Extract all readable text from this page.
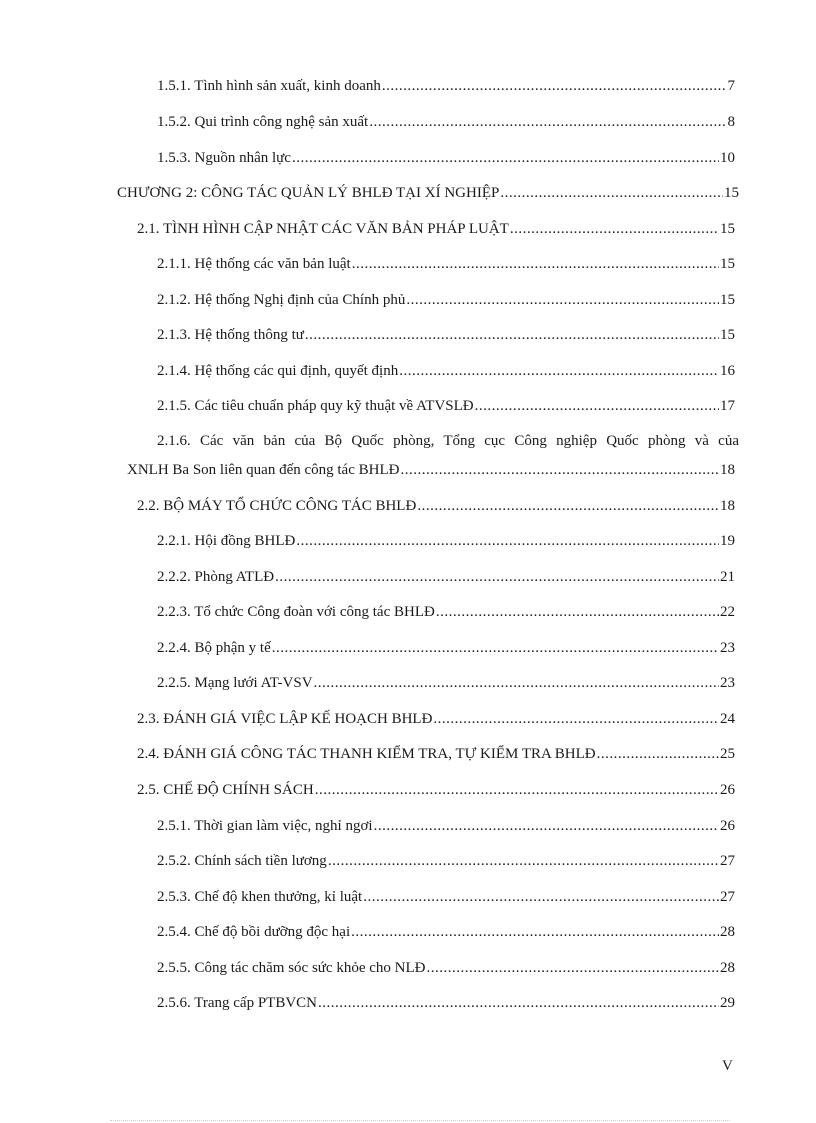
1.5.1. Tình hình sản xuất, kinh doanh .....	7
1.5.2. Qui trình công nghệ sản xuất .....	8
1.5.3. Nguồn nhân lực .....	10
CHƯƠNG 2: CÔNG TÁC QUẢN LÝ BHLĐ TẠI XÍ NGHIỆP .....	15
2.1. TÌNH HÌNH CẬP NHẬT CÁC VĂN BẢN PHÁP LUẬT .....	15
2.1.1. Hệ thống các văn bản luật .....	15
2.1.2. Hệ thống Nghị định của Chính phủ .....	15
2.1.3. Hệ thống thông tư .....	15
2.1.4. Hệ thống các qui định, quyết định .....	16
2.1.5. Các tiêu chuẩn pháp quy kỹ thuật về ATVSLĐ .....	17
2.1.6. Các văn bản của Bộ Quốc phòng, Tổng cục Công nghiệp Quốc phòng và của
XNLH Ba Son liên quan đến công tác BHLĐ .....	18
2.2. BỘ MÁY TỔ CHỨC CÔNG TÁC BHLĐ .....	18
2.2.1. Hội đồng BHLĐ .....	19
2.2.2. Phòng ATLĐ .....	21
2.2.3. Tổ chức Công đoàn với công tác BHLĐ .....	22
2.2.4. Bộ phận y tế .....	23
2.2.5. Mạng lưới AT-VSV .....	23
2.3. ĐÁNH GIÁ VIỆC LẬP KẾ HOẠCH BHLĐ .....	24
2.4. ĐÁNH GIÁ CÔNG TÁC THANH KIỂM TRA, TỰ KIỂM TRA BHLĐ .....	25
2.5. CHẾ ĐỘ CHÍNH SÁCH .....	26
2.5.1. Thời gian làm việc, nghỉ ngơi .....	26
2.5.2. Chính sách tiền lương .....	27
2.5.3. Chế độ khen thưởng, kỉ luật .....	27
2.5.4. Chế độ bồi dưỡng độc hại .....	28
2.5.5. Công tác chăm sóc sức khỏe cho NLĐ .....	28
2.5.6. Trang cấp PTBVCN .....	29
V
